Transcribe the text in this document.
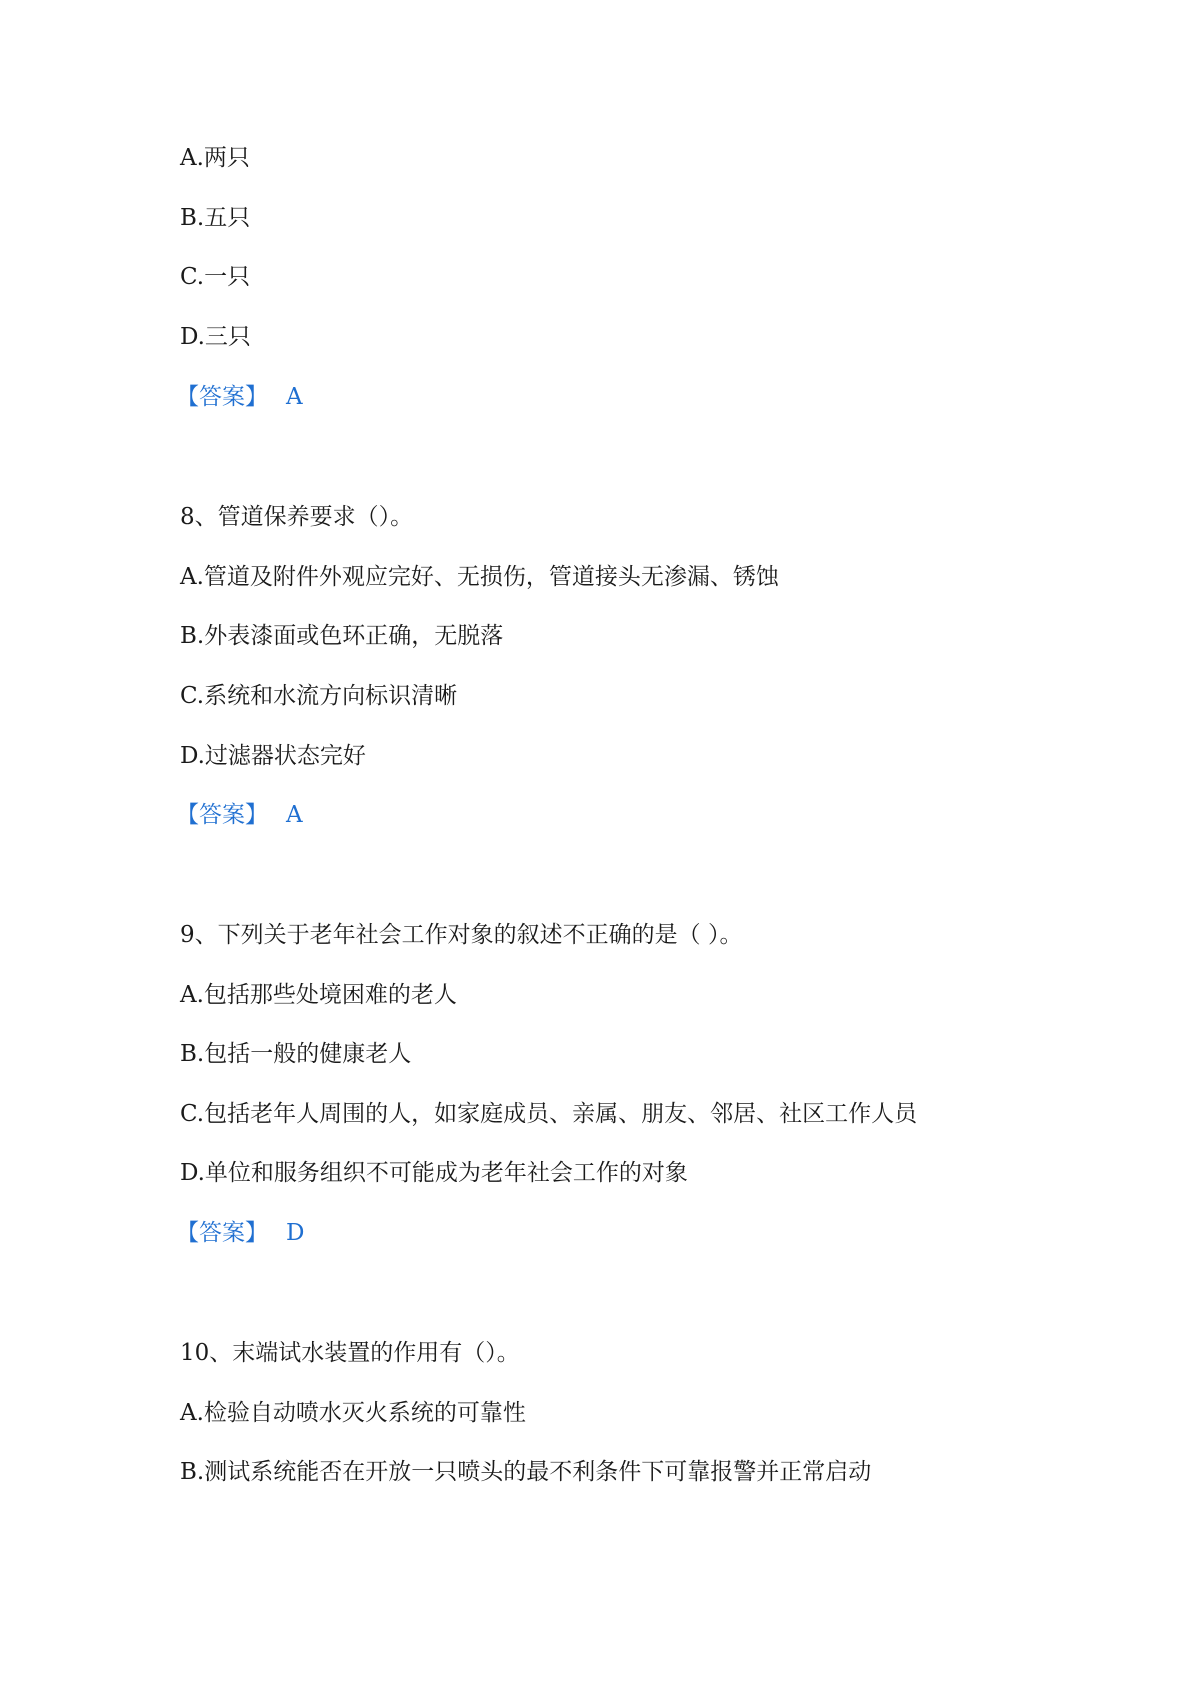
A.两只
B.五只
C.一只
D.三只
【答案】 A
8、管道保养要求（）。
A.管道及附件外观应完好、无损伤，管道接头无渗漏、锈蚀
B.外表漆面或色环正确，无脱落
C.系统和水流方向标识清晰
D.过滤器状态完好
【答案】 A
9、下列关于老年社会工作对象的叙述不正确的是（ ）。
A.包括那些处境困难的老人
B.包括一般的健康老人
C.包括老年人周围的人，如家庭成员、亲属、朋友、邻居、社区工作人员
D.单位和服务组织不可能成为老年社会工作的对象
【答案】 D
10、末端试水装置的作用有（）。
A.检验自动喷水灭火系统的可靠性
B.测试系统能否在开放一只喷头的最不利条件下可靠报警并正常启动
